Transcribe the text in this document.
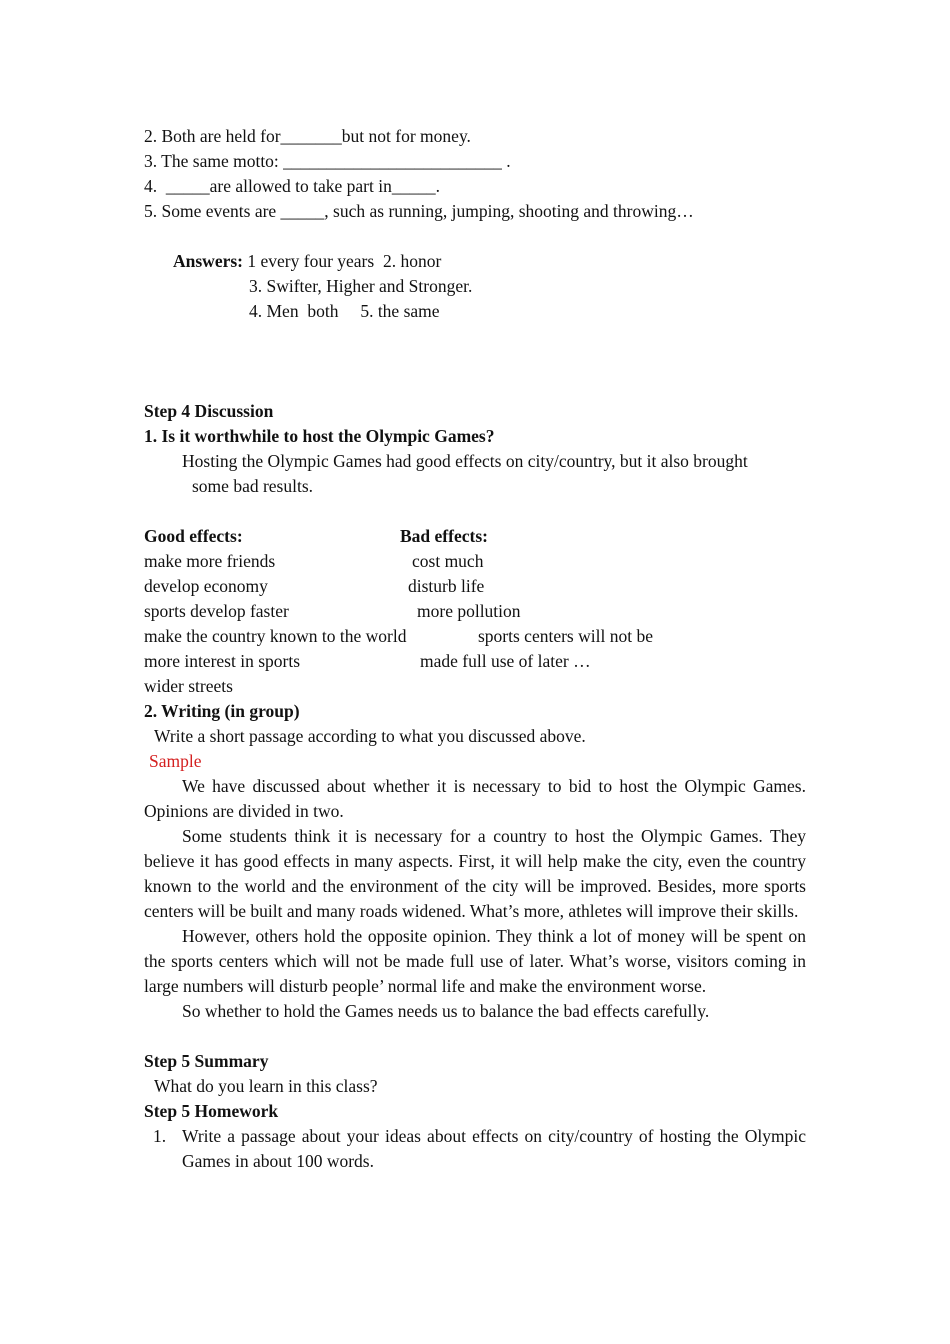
2. Both are held for_______but not for money.
3. The same motto: _________________________ .
4.  _____are allowed to take part in_____.
5. Some events are _____, such as running, jumping, shooting and throwing…
Answers: 1 every four years  2. honor
3. Swifter, Higher and Stronger.
4. Men  both     5. the same
Step 4 Discussion
1. Is it worthwhile to host the Olympic Games?
Hosting the Olympic Games had good effects on city/country, but it also brought
some bad results.
Good effects:	Bad effects:
make more friends	cost much
develop economy	disturb life
sports develop faster	more pollution
make the country known to the world	sports centers will not be
more interest in sports	made full use of later …
wider streets
2. Writing (in group)
Write a short passage according to what you discussed above.
Sample
We have discussed about whether it is necessary to bid to host the Olympic Games. Opinions are divided in two.
Some students think it is necessary for a country to host the Olympic Games. They believe it has good effects in many aspects. First, it will help make the city, even the country known to the world and the environment of the city will be improved. Besides, more sports centers will be built and many roads widened. What’s more, athletes will improve their skills.
However, others hold the opposite opinion. They think a lot of money will be spent on the sports centers which will not be made full use of later. What’s worse, visitors coming in large numbers will disturb people’ normal life and make the environment worse.
So whether to hold the Games needs us to balance the bad effects carefully.
Step 5 Summary
What do you learn in this class?
Step 5 Homework
1. Write a passage about your ideas about effects on city/country of hosting the Olympic Games in about 100 words.
